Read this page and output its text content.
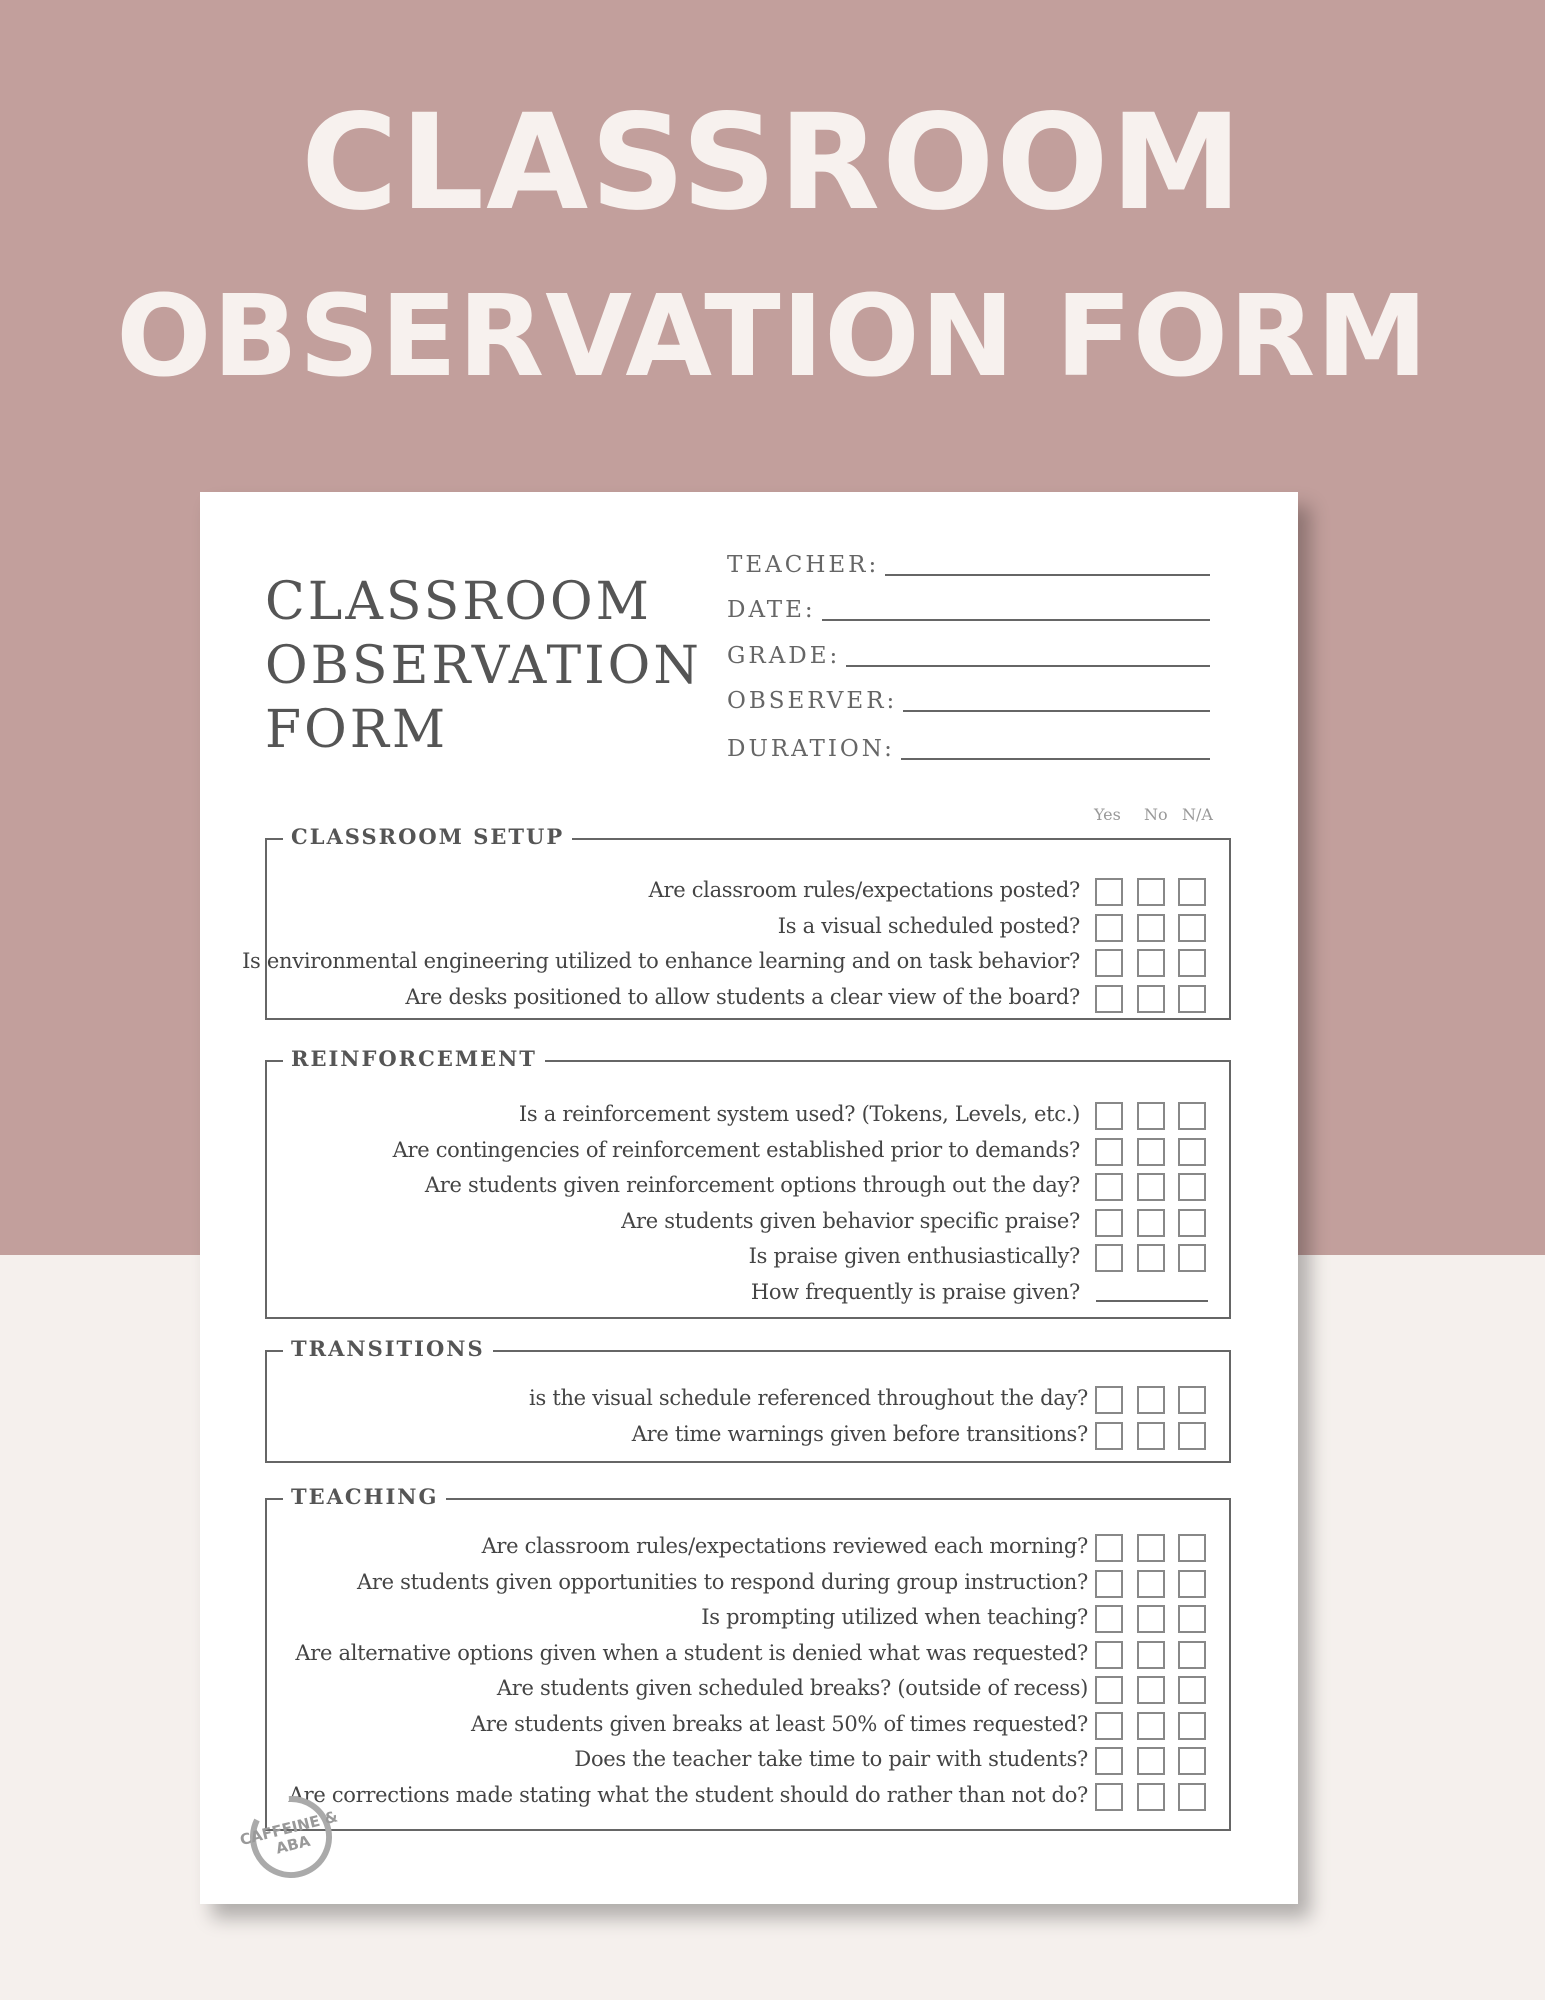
CLASSROOM
OBSERVATION FORM
CLASSROOM
OBSERVATION
FORM
TEACHER:
DATE:
GRADE:
OBSERVER:
DURATION:
Yes No N/A
CLASSROOM SETUP
Are classroom rules/expectations posted?
Is a visual scheduled posted?
Is environmental engineering utilized to enhance learning and on task behavior?
Are desks positioned to allow students a clear view of the board?
REINFORCEMENT
Is a reinforcement system used? (Tokens, Levels, etc.)
Are contingencies of reinforcement established prior to demands?
Are students given reinforcement options through out the day?
Are students given behavior specific praise?
Is praise given enthusiastically?
How frequently is praise given?
TRANSITIONS
is the visual schedule referenced throughout the day?
Are time warnings given before transitions?
TEACHING
Are classroom rules/expectations reviewed each morning?
Are students given opportunities to respond during group instruction?
Is prompting utilized when teaching?
Are alternative options given when a student is denied what was requested?
Are students given scheduled breaks? (outside of recess)
Are students given breaks at least 50% of times requested?
Does the teacher take time to pair with students?
Are corrections made stating what the student should do rather than not do?
CAFFEINE & ABA
